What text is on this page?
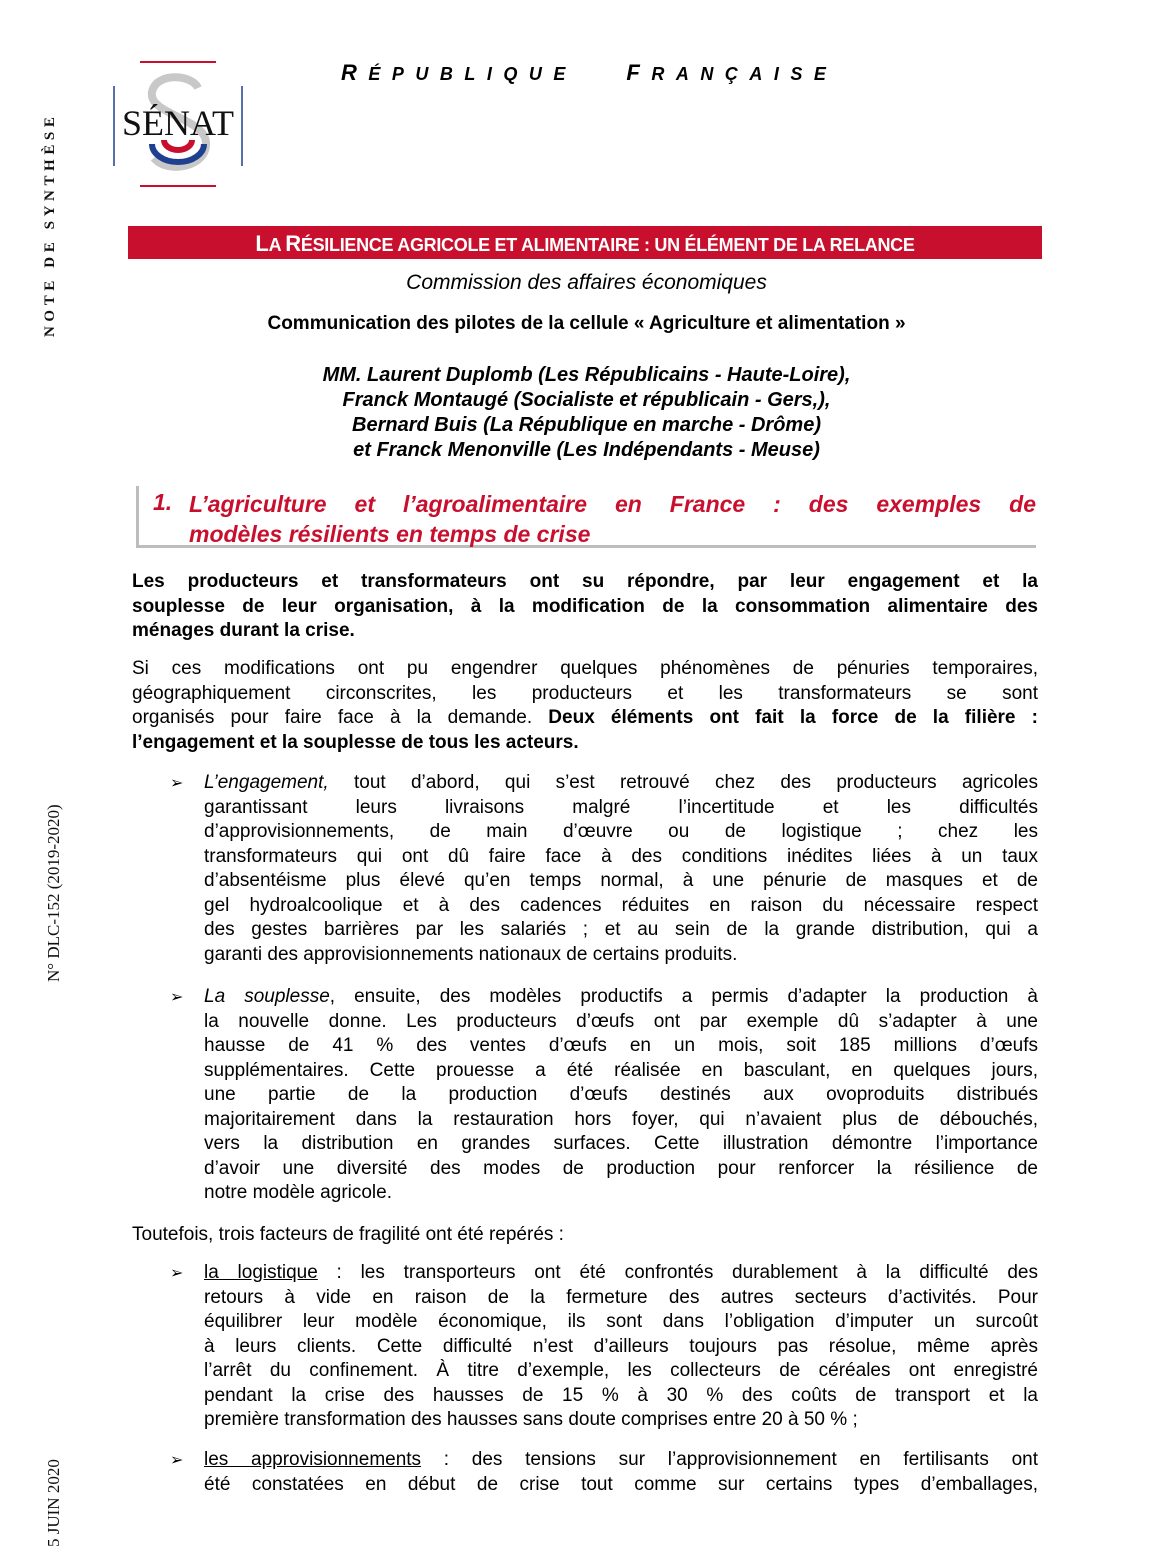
NOTE DE SYNTHÈSE
N° DLC-152 (2019-2020)
5 JUIN 2020
SÉNAT
RÉPUBLIQUE FRANÇAISE
LA RÉSILIENCE AGRICOLE ET ALIMENTAIRE : UN ÉLÉMENT DE LA RELANCE
Commission des affaires économiques
Communication des pilotes de la cellule « Agriculture et alimentation »
MM. Laurent Duplomb (Les Républicains - Haute-Loire),
Franck Montaugé (Socialiste et républicain - Gers,),
Bernard Buis (La République en marche - Drôme)
et Franck Menonville (Les Indépendants - Meuse)
1. L’agriculture et l’agroalimentaire en France : des exemples de
modèles résilients en temps de crise
Les producteurs et transformateurs ont su répondre, par leur engagement et la
souplesse de leur organisation, à la modification de la consommation alimentaire des
ménages durant la crise.
Si ces modifications ont pu engendrer quelques phénomènes de pénuries temporaires,
géographiquement circonscrites, les producteurs et les transformateurs se sont
organisés pour faire face à la demande. Deux éléments ont fait la force de la filière :
l’engagement et la souplesse de tous les acteurs.
➢ L’engagement, tout d’abord, qui s’est retrouvé chez des producteurs agricoles
garantissant leurs livraisons malgré l’incertitude et les difficultés
d’approvisionnements, de main d’œuvre ou de logistique ; chez les
transformateurs qui ont dû faire face à des conditions inédites liées à un taux
d’absentéisme plus élevé qu’en temps normal, à une pénurie de masques et de
gel hydroalcoolique et à des cadences réduites en raison du nécessaire respect
des gestes barrières par les salariés ; et au sein de la grande distribution, qui a
garanti des approvisionnements nationaux de certains produits.
➢ La souplesse, ensuite, des modèles productifs a permis d’adapter la production à
la nouvelle donne. Les producteurs d’œufs ont par exemple dû s’adapter à une
hausse de 41 % des ventes d’œufs en un mois, soit 185 millions d’œufs
supplémentaires. Cette prouesse a été réalisée en basculant, en quelques jours,
une partie de la production d’œufs destinés aux ovoproduits distribués
majoritairement dans la restauration hors foyer, qui n’avaient plus de débouchés,
vers la distribution en grandes surfaces. Cette illustration démontre l’importance
d’avoir une diversité des modes de production pour renforcer la résilience de
notre modèle agricole.
Toutefois, trois facteurs de fragilité ont été repérés :
➢ la logistique : les transporteurs ont été confrontés durablement à la difficulté des
retours à vide en raison de la fermeture des autres secteurs d’activités. Pour
équilibrer leur modèle économique, ils sont dans l’obligation d’imputer un surcoût
à leurs clients. Cette difficulté n’est d’ailleurs toujours pas résolue, même après
l’arrêt du confinement. À titre d’exemple, les collecteurs de céréales ont enregistré
pendant la crise des hausses de 15 % à 30 % des coûts de transport et la
première transformation des hausses sans doute comprises entre 20 à 50 % ;
➢ les approvisionnements : des tensions sur l’approvisionnement en fertilisants ont
été constatées en début de crise tout comme sur certains types d’emballages,
